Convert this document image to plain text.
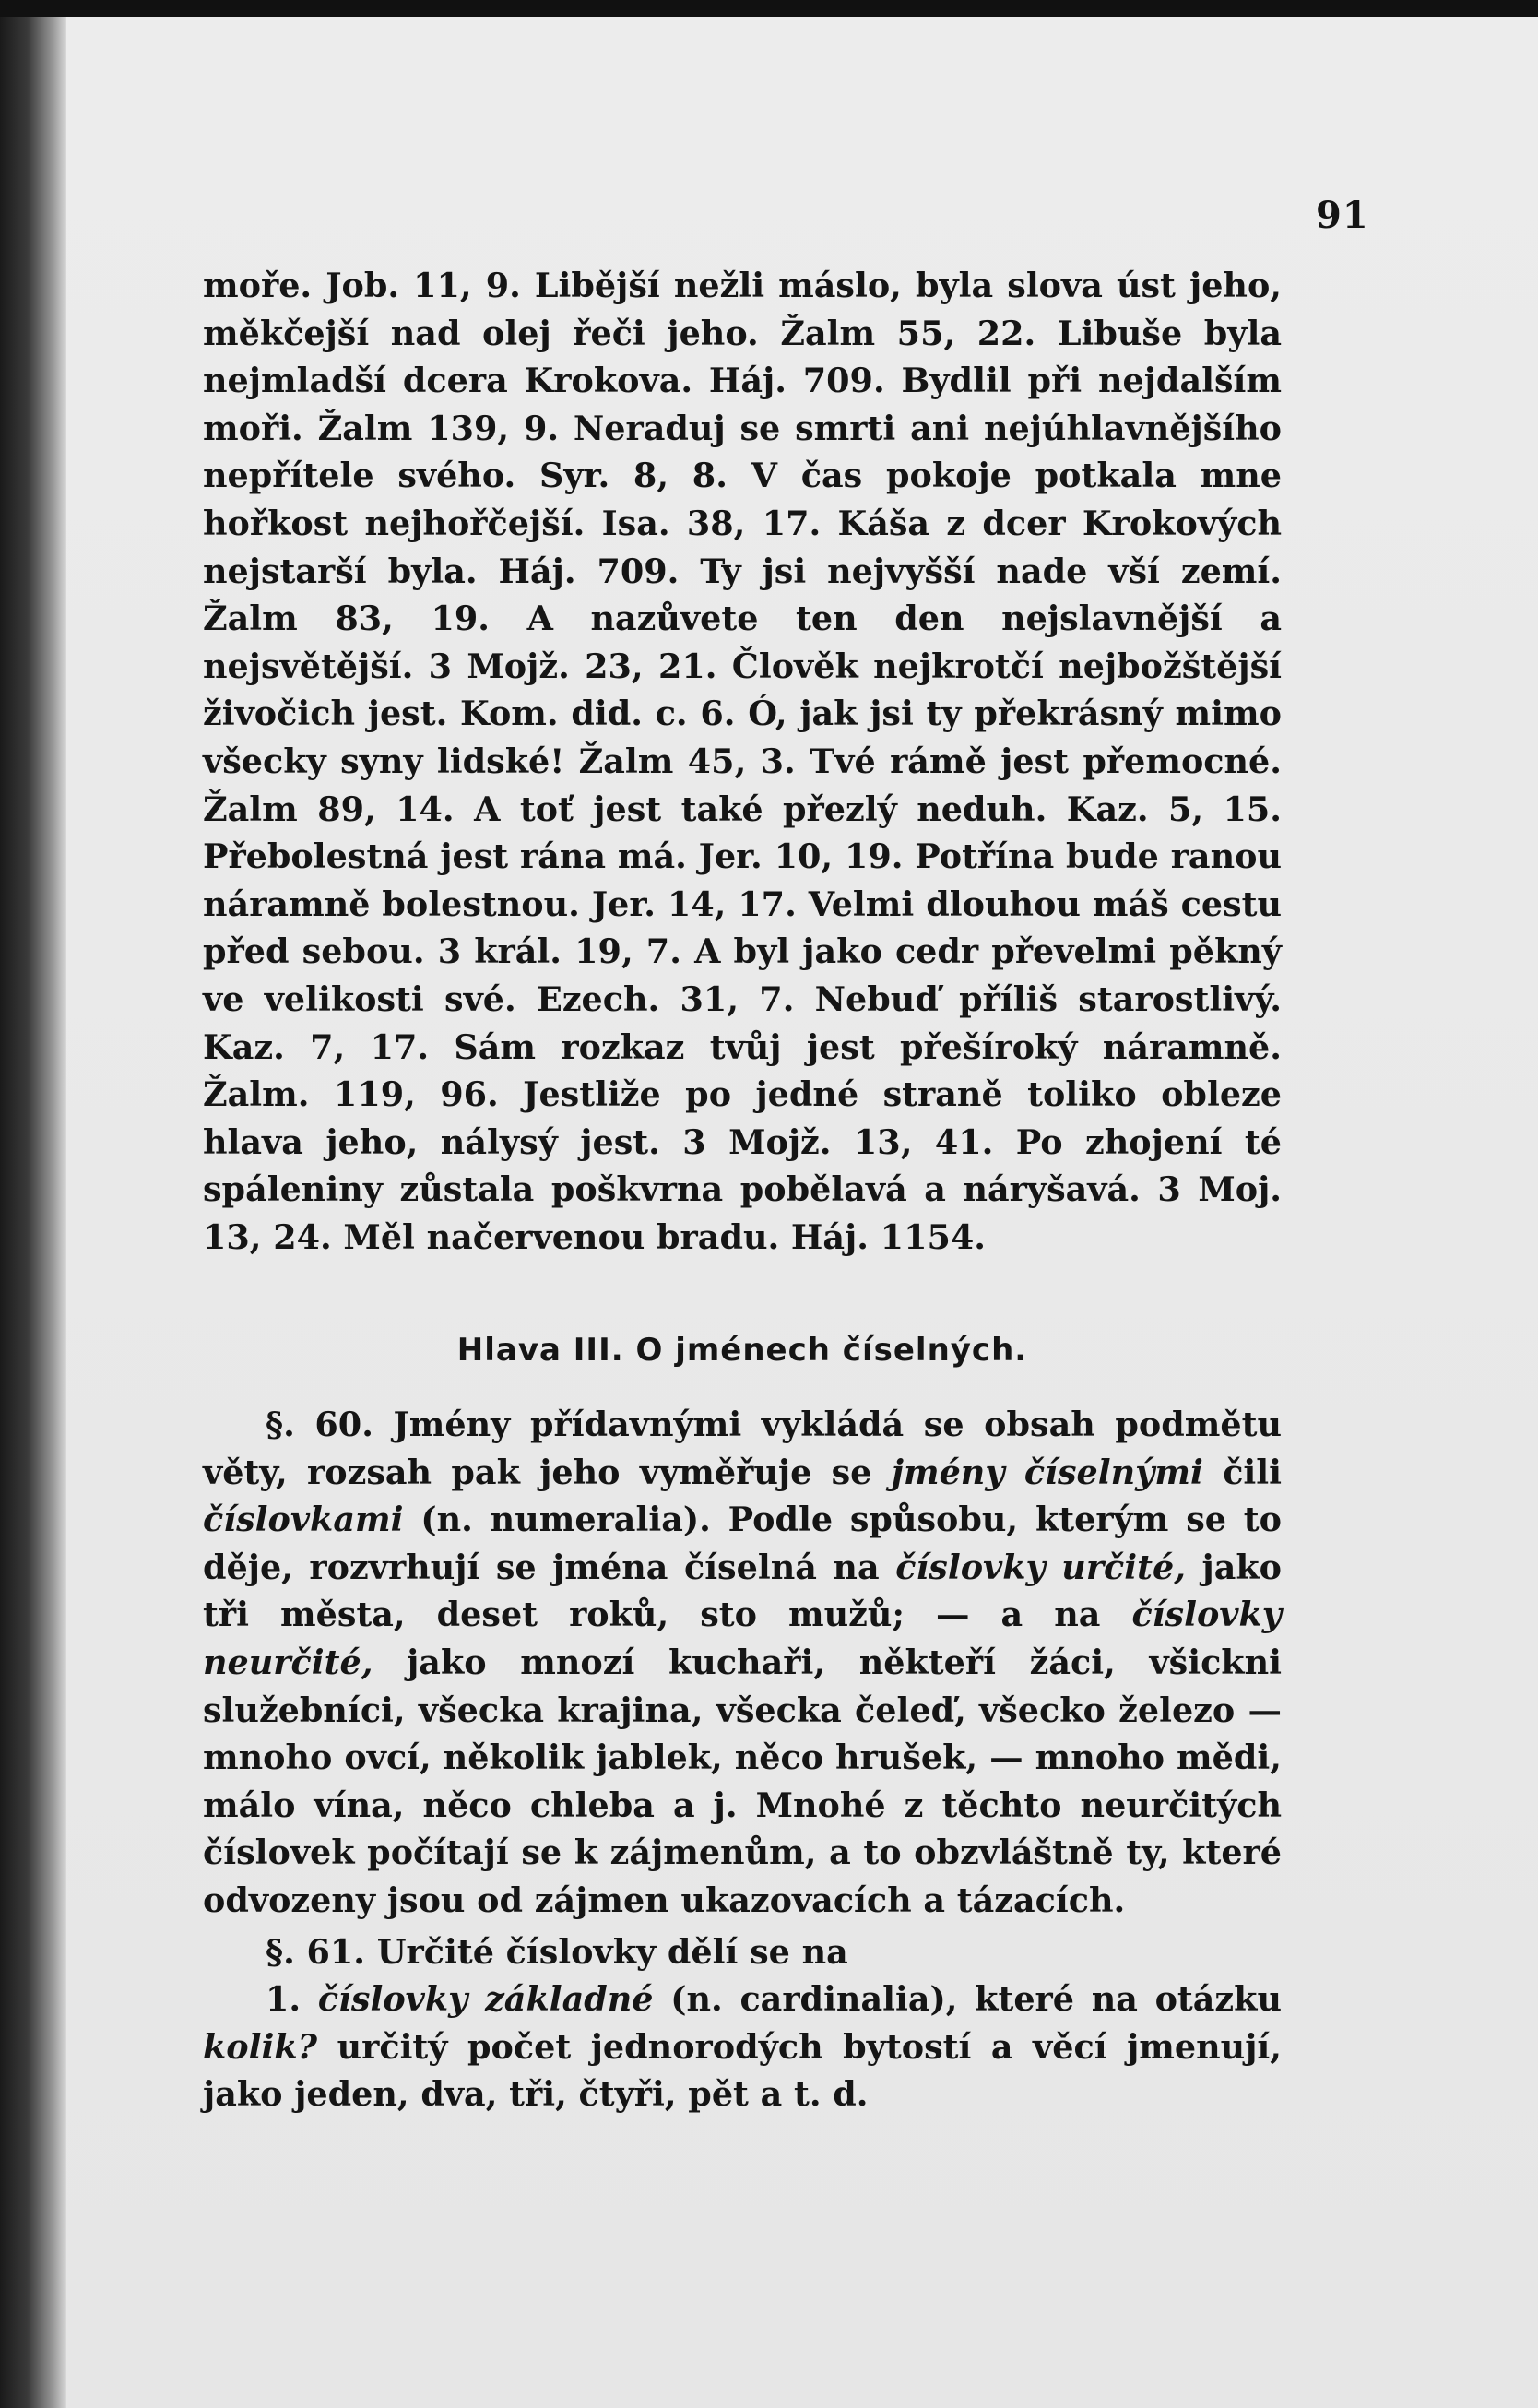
91

moře. Job. 11, 9. Libější nežli máslo, byla slova úst jeho, měkčejší nad olej řeči jeho. Žalm 55, 22. Libuše byla nejmladší dcera Krokova. Háj. 709. Bydlil při nejdalším moři. Žalm 139, 9. Neraduj se smrti ani nejúhlavnějšího nepřítele svého. Syr. 8, 8. V čas pokoje potkala mne hořkost nejhořčejší. Isa. 38, 17. Káša z dcer Krokových nejstarší byla. Háj. 709. Ty jsi nejvyšší nade vší zemí. Žalm 83, 19. A nazůvete ten den nejslavnější a nejsvětější. 3 Mojž. 23, 21. Člověk nejkrotčí nejbožštější živočich jest. Kom. did. c. 6. Ó, jak jsi ty překrásný mimo všecky syny lidské! Žalm 45, 3. Tvé rámě jest přemocné. Žalm 89, 14. A toť jest také přezlý neduh. Kaz. 5, 15. Přebolestná jest rána má. Jer. 10, 19. Potřína bude ranou náramně bolestnou. Jer. 14, 17. Velmi dlouhou máš cestu před sebou. 3 král. 19, 7. A byl jako cedr převelmi pěkný ve velikosti své. Ezech. 31, 7. Nebuď příliš starostlivý. Kaz. 7, 17. Sám rozkaz tvůj jest přešíroký náramně. Žalm. 119, 96. Jestliže po jedné straně toliko obleze hlava jeho, nálysý jest. 3 Mojž. 13, 41. Po zhojení té spáleniny zůstala poškvrna pobělavá a náryšavá. 3 Moj. 13, 24. Měl načervenou bradu. Háj. 1154.

Hlava III. O jménech číselných.

§. 60. Jmény přídavnými vykládá se obsah podmětu věty, rozsah pak jeho vyměřuje se jmény číselnými čili číslovkami (n. numeralia). Podle spůsobu, kterým se to děje, rozvrhují se jména číselná na číslovky určité, jako tři města, deset roků, sto mužů; — a na číslovky neurčité, jako mnozí kuchaři, někteří žáci, všickni služebníci, všecka krajina, všecka čeleď, všecko železo — mnoho ovcí, několik jablek, něco hrušek, — mnoho mědi, málo vína, něco chleba a j. Mnohé z těchto neurčitých číslovek počítají se k zájmenům, a to obzvláštně ty, které odvozeny jsou od zájmen ukazovacích a tázacích.

§. 61. Určité číslovky dělí se na

1. číslovky základné (n. cardinalia), které na otázku kolik? určitý počet jednorodých bytostí a věcí jmenují, jako jeden, dva, tři, čtyři, pět a t. d.
